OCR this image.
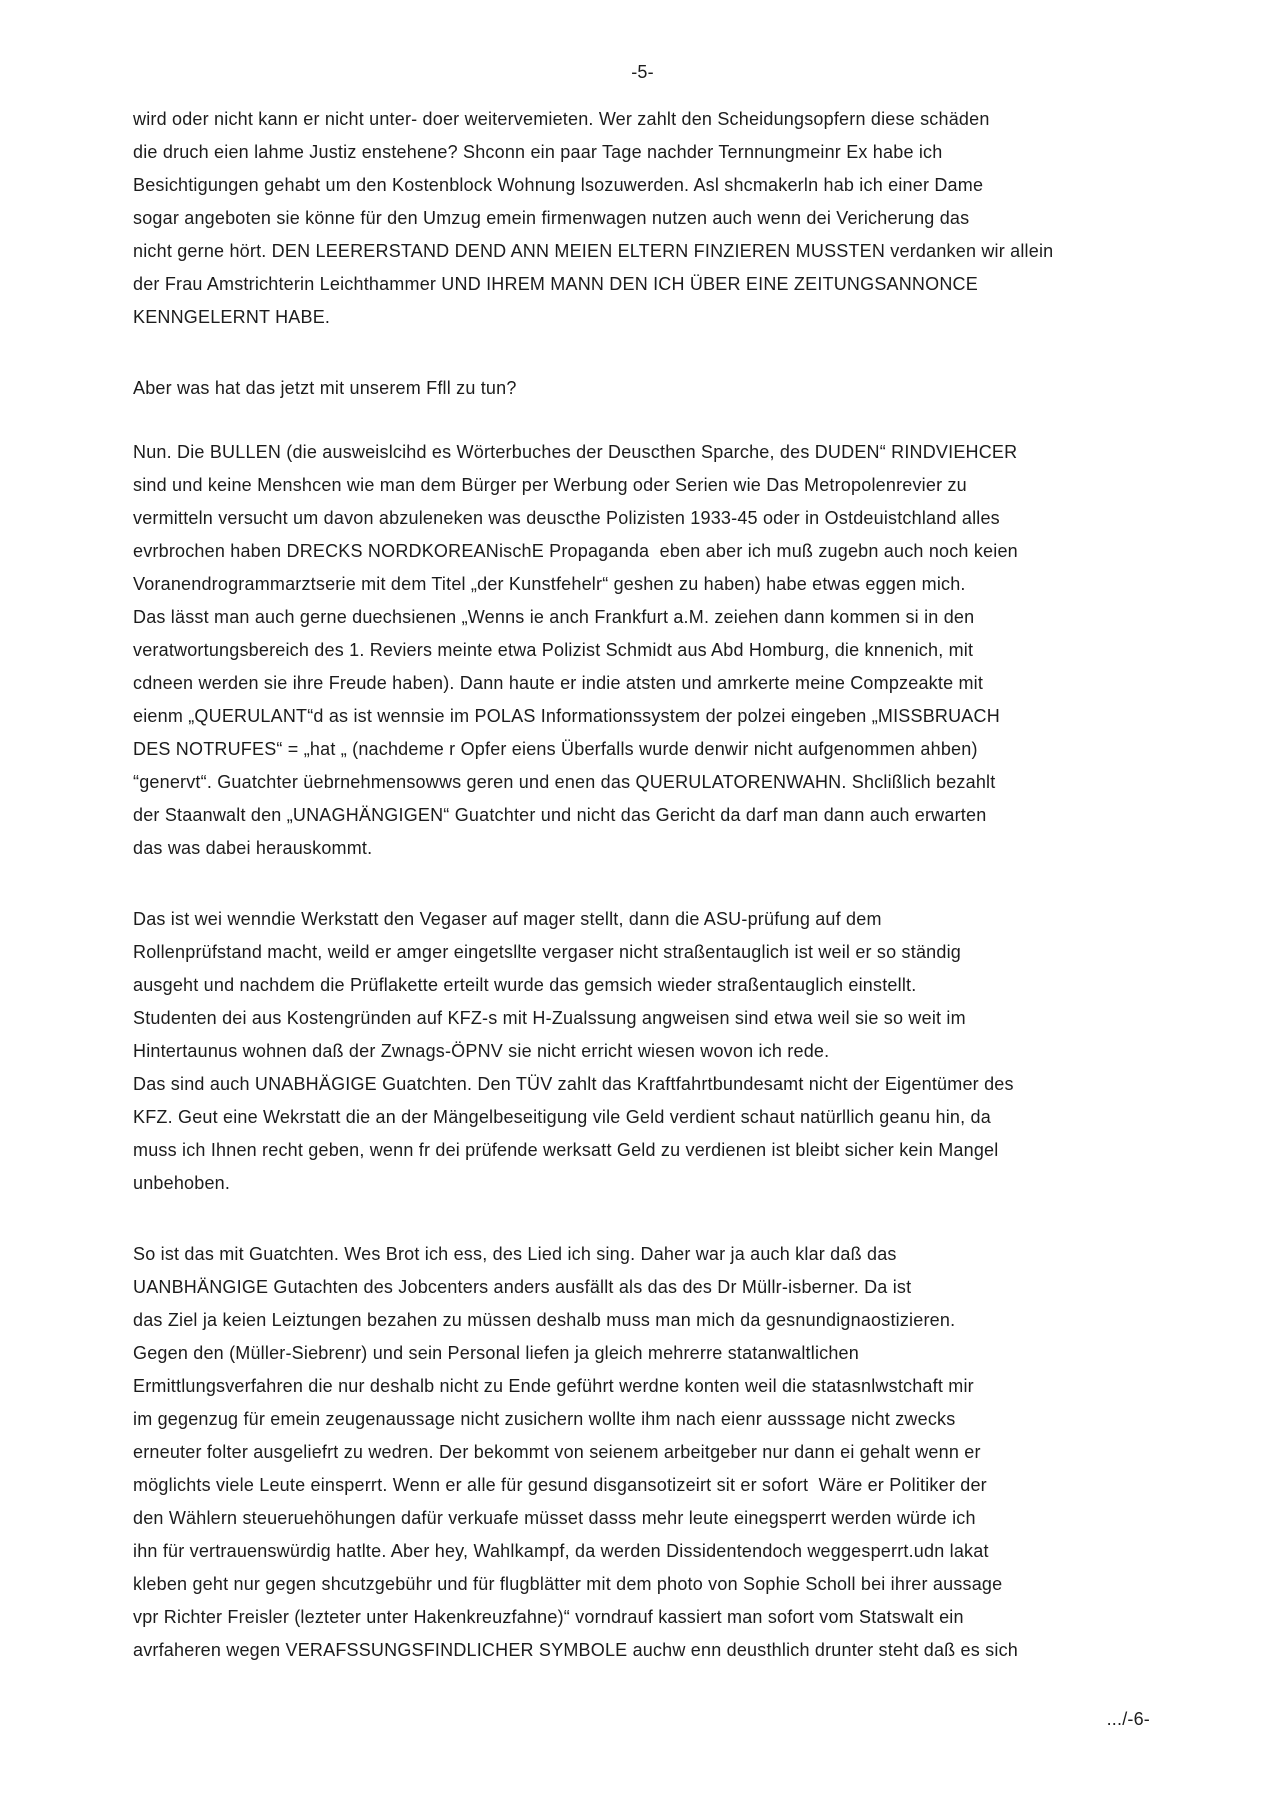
-5-
wird oder nicht kann er nicht unter- doer weitervemieten. Wer zahlt den Scheidungsopfern diese schäden
die druch eien lahme Justiz enstehene? Shconn ein paar Tage nachder Ternnungmeinr Ex habe ich
Besichtigungen gehabt um den Kostenblock Wohnung lsozuwerden. Asl shcmakerln hab ich einer Dame
sogar angeboten sie könne für den Umzug emein firmenwagen nutzen auch wenn dei Vericherung das
nicht gerne hört. DEN LEERERSTAND DEND ANN MEIEN ELTERN FINZIEREN MUSSTEN verdanken wir allein
der Frau Amstrichterin Leichthammer UND IHREM MANN DEN ICH ÜBER EINE ZEITUNGSANNONCE
KENNGELERNT HABE.
Aber was hat das jetzt mit unserem Ffll zu tun?
Nun. Die BULLEN (die ausweislcihd es Wörterbuches der Deuscthen Sparche, des DUDEN“ RINDVIEHCER
sind und keine Menshcen wie man dem Bürger per Werbung oder Serien wie Das Metropolenrevier zu
vermitteln versucht um davon abzuleneken was deuscthe Polizisten 1933-45 oder in Ostdeuistchland alles
evrbrochen haben DRECKS NORDKOREANischE Propaganda  eben aber ich muß zugebn auch noch keien
Voranendrogrammarztserie mit dem Titel „der Kunstfehelr“ geshen zu haben) habe etwas eggen mich.
Das lässt man auch gerne duechsienen „Wenns ie anch Frankfurt a.M. zeiehen dann kommen si in den
veratwortungsbereich des 1. Reviers meinte etwa Polizist Schmidt aus Abd Homburg, die knnenich, mit
cdneen werden sie ihre Freude haben). Dann haute er indie atsten und amrkerte meine Compzeakte mit
eienm „QUERULANT“d as ist wennsie im POLAS Informationssystem der polzei eingeben „MISSBRUACH
DES NOTRUFES“ = „hat „ (nachdeme r Opfer eiens Überfalls wurde denwir nicht aufgenommen ahben)
“genervt“. Guatchter üebrnehmensowws geren und enen das QUERULATORENWAHN. Shclißlich bezahlt
der Staanwalt den „UNAGHÄNGIGEN“ Guatchter und nicht das Gericht da darf man dann auch erwarten
das was dabei herauskommt.
Das ist wei wenndie Werkstatt den Vegaser auf mager stellt, dann die ASU-prüfung auf dem
Rollenprüfstand macht, weild er amger eingetsllte vergaser nicht straßentauglich ist weil er so ständig
ausgeht und nachdem die Prüflakette erteilt wurde das gemsich wieder straßentauglich einstellt.
Studenten dei aus Kostengründen auf KFZ-s mit H-Zualssung angweisen sind etwa weil sie so weit im
Hintertaunus wohnen daß der Zwnags-ÖPNV sie nicht erricht wiesen wovon ich rede.
Das sind auch UNABHÄGIGE Guatchten. Den TÜV zahlt das Kraftfahrtbundesamt nicht der Eigentümer des
KFZ. Geut eine Wekrstatt die an der Mängelbeseitigung vile Geld verdient schaut natürllich geanu hin, da
muss ich Ihnen recht geben, wenn fr dei prüfende werksatt Geld zu verdienen ist bleibt sicher kein Mangel
unbehoben.
So ist das mit Guatchten. Wes Brot ich ess, des Lied ich sing. Daher war ja auch klar daß das
UANBHÄNGIGE Gutachten des Jobcenters anders ausfällt als das des Dr Müllr-isberner. Da ist
das Ziel ja keien Leiztungen bezahen zu müssen deshalb muss man mich da gesnundignaostizieren.
Gegen den (Müller-Siebrenr) und sein Personal liefen ja gleich mehrerre statanwaltlichen
Ermittlungsverfahren die nur deshalb nicht zu Ende geführt werdne konten weil die statasnlwstchaft mir
im gegenzug für emein zeugenaussage nicht zusichern wollte ihm nach eienr ausssage nicht zwecks
erneuter folter ausgeliefrt zu wedren. Der bekommt von seienem arbeitgeber nur dann ei gehalt wenn er
möglichts viele Leute einsperrt. Wenn er alle für gesund disgansotizeirt sit er sofort  Wäre er Politiker der
den Wählern steueruehöhungen dafür verkuafe müsset dasss mehr leute einegsperrt werden würde ich
ihn für vertrauenswürdig hatlte. Aber hey, Wahlkampf, da werden Dissidentendoch weggesperrt.udn lakat
kleben geht nur gegen shcutzgebühr und für flugblätter mit dem photo von Sophie Scholl bei ihrer aussage
vpr Richter Freisler (lezteter unter Hakenkreuzfahne)“ vorndrauf kassiert man sofort vom Statswalt ein
avrfaheren wegen VERAFSSUNGSFINDLICHER SYMBOLE auchw enn deusthlich drunter steht daß es sich
.../-6-
